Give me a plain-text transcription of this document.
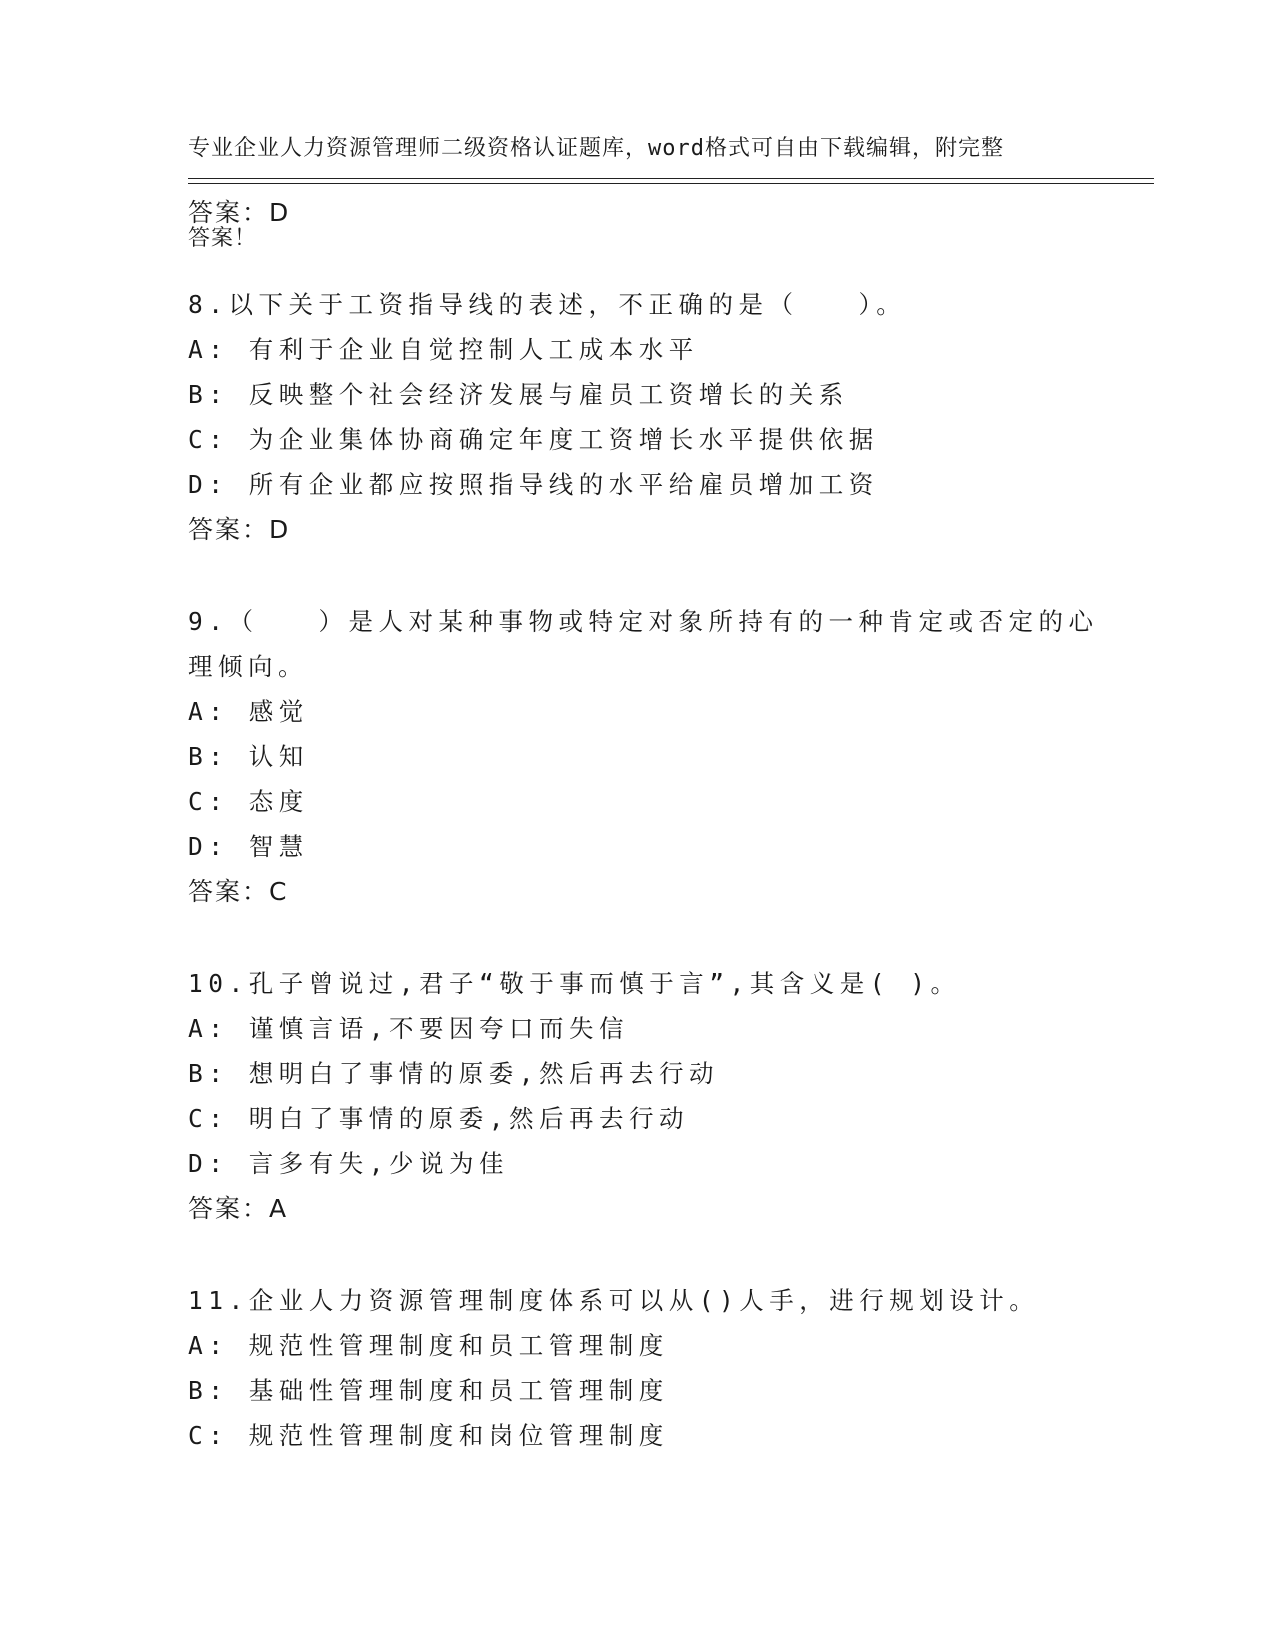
专业企业人力资源管理师二级资格认证题库，word格式可自由下载编辑，附完整

答案！

答案：D
8.以下关于工资指导线的表述，不正确的是（　　）。
A: 有利于企业自觉控制人工成本水平
B: 反映整个社会经济发展与雇员工资增长的关系
C: 为企业集体协商确定年度工资增长水平提供依据
D: 所有企业都应按照指导线的水平给雇员增加工资
答案：D
9.（　　）是人对某种事物或特定对象所持有的一种肯定或否定的心
理倾向。
A: 感觉
B: 认知
C: 态度
D: 智慧
答案：C
10.孔子曾说过,君子“敬于事而慎于言”,其含义是( )。
A: 谨慎言语,不要因夸口而失信
B: 想明白了事情的原委,然后再去行动
C: 明白了事情的原委,然后再去行动
D: 言多有失,少说为佳
答案：A
11.企业人力资源管理制度体系可以从()人手，进行规划设计。
A: 规范性管理制度和员工管理制度
B: 基础性管理制度和员工管理制度
C: 规范性管理制度和岗位管理制度
